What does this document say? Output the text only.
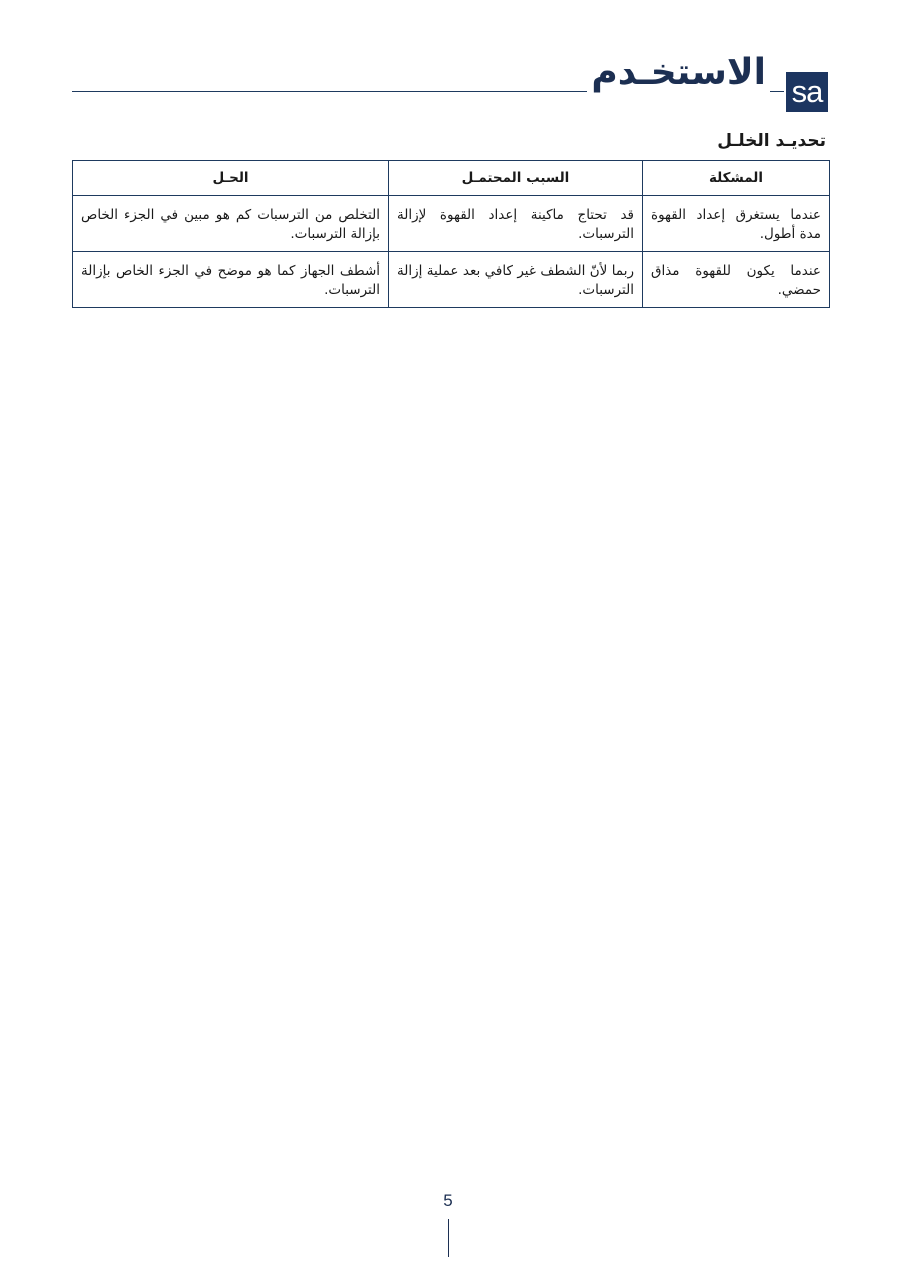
الاستخـدم sa
تحديـد الخلـل
المشكلة	السبب المحتمـل	الحـل
عندما يستغرق إعداد القهوة مدة أطول.	قد تحتاج ماكينة إعداد القهوة لإزالة الترسبات.	التخلص من الترسبات كم هو مبين في الجزء الخاص بإزالة الترسبات.
عندما يكون للقهوة مذاق حمضي.	ربما لأنّ الشطف غير كافي بعد عملية إزالة الترسبات.	أشطف الجهاز كما هو موضح في الجزء الخاص بإزالة الترسبات.
5
